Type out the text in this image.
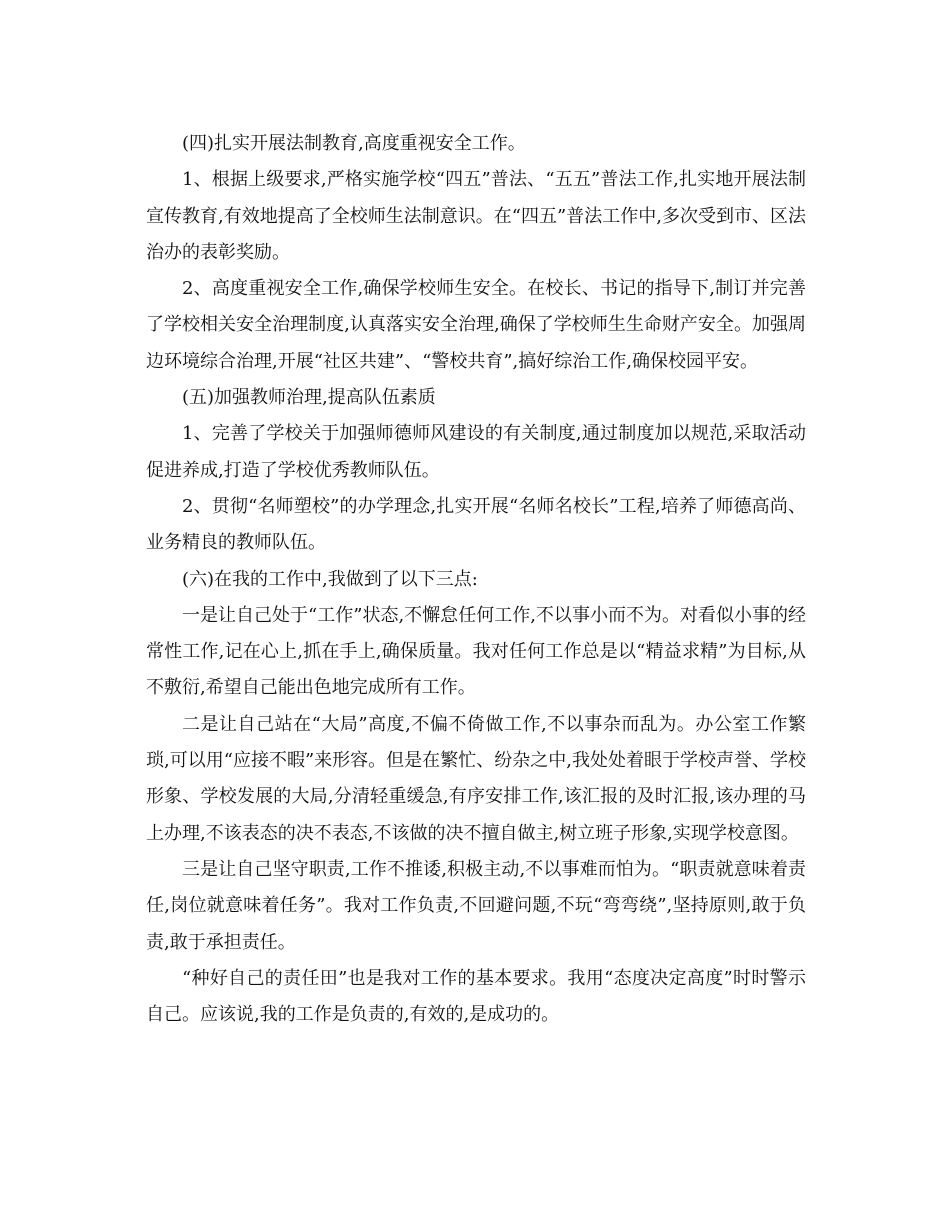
(四)扎实开展法制教育,高度重视安全工作。

1、根据上级要求,严格实施学校“四五”普法、“五五”普法工作,扎实地开展法制宣传教育,有效地提高了全校师生法制意识。在“四五”普法工作中,多次受到市、区法治办的表彰奖励。

2、高度重视安全工作,确保学校师生安全。在校长、书记的指导下,制订并完善了学校相关安全治理制度,认真落实安全治理,确保了学校师生生命财产安全。加强周边环境综合治理,开展“社区共建”、“警校共育”,搞好综治工作,确保校园平安。

(五)加强教师治理,提高队伍素质

1、完善了学校关于加强师德师风建设的有关制度,通过制度加以规范,采取活动促进养成,打造了学校优秀教师队伍。

2、贯彻“名师塑校”的办学理念,扎实开展“名师名校长”工程,培养了师德高尚、业务精良的教师队伍。

(六)在我的工作中,我做到了以下三点:

一是让自己处于“工作”状态,不懈怠任何工作,不以事小而不为。对看似小事的经常性工作,记在心上,抓在手上,确保质量。我对任何工作总是以“精益求精”为目标,从不敷衍,希望自己能出色地完成所有工作。

二是让自己站在“大局”高度,不偏不倚做工作,不以事杂而乱为。办公室工作繁琐,可以用“应接不暇”来形容。但是在繁忙、纷杂之中,我处处着眼于学校声誉、学校形象、学校发展的大局,分清轻重缓急,有序安排工作,该汇报的及时汇报,该办理的马上办理,不该表态的决不表态,不该做的决不擅自做主,树立班子形象,实现学校意图。

三是让自己坚守职责,工作不推诿,积极主动,不以事难而怕为。“职责就意味着责任,岗位就意味着任务”。我对工作负责,不回避问题,不玩“弯弯绕”,坚持原则,敢于负责,敢于承担责任。

“种好自己的责任田”也是我对工作的基本要求。我用“态度决定高度”时时警示自己。应该说,我的工作是负责的,有效的,是成功的。
